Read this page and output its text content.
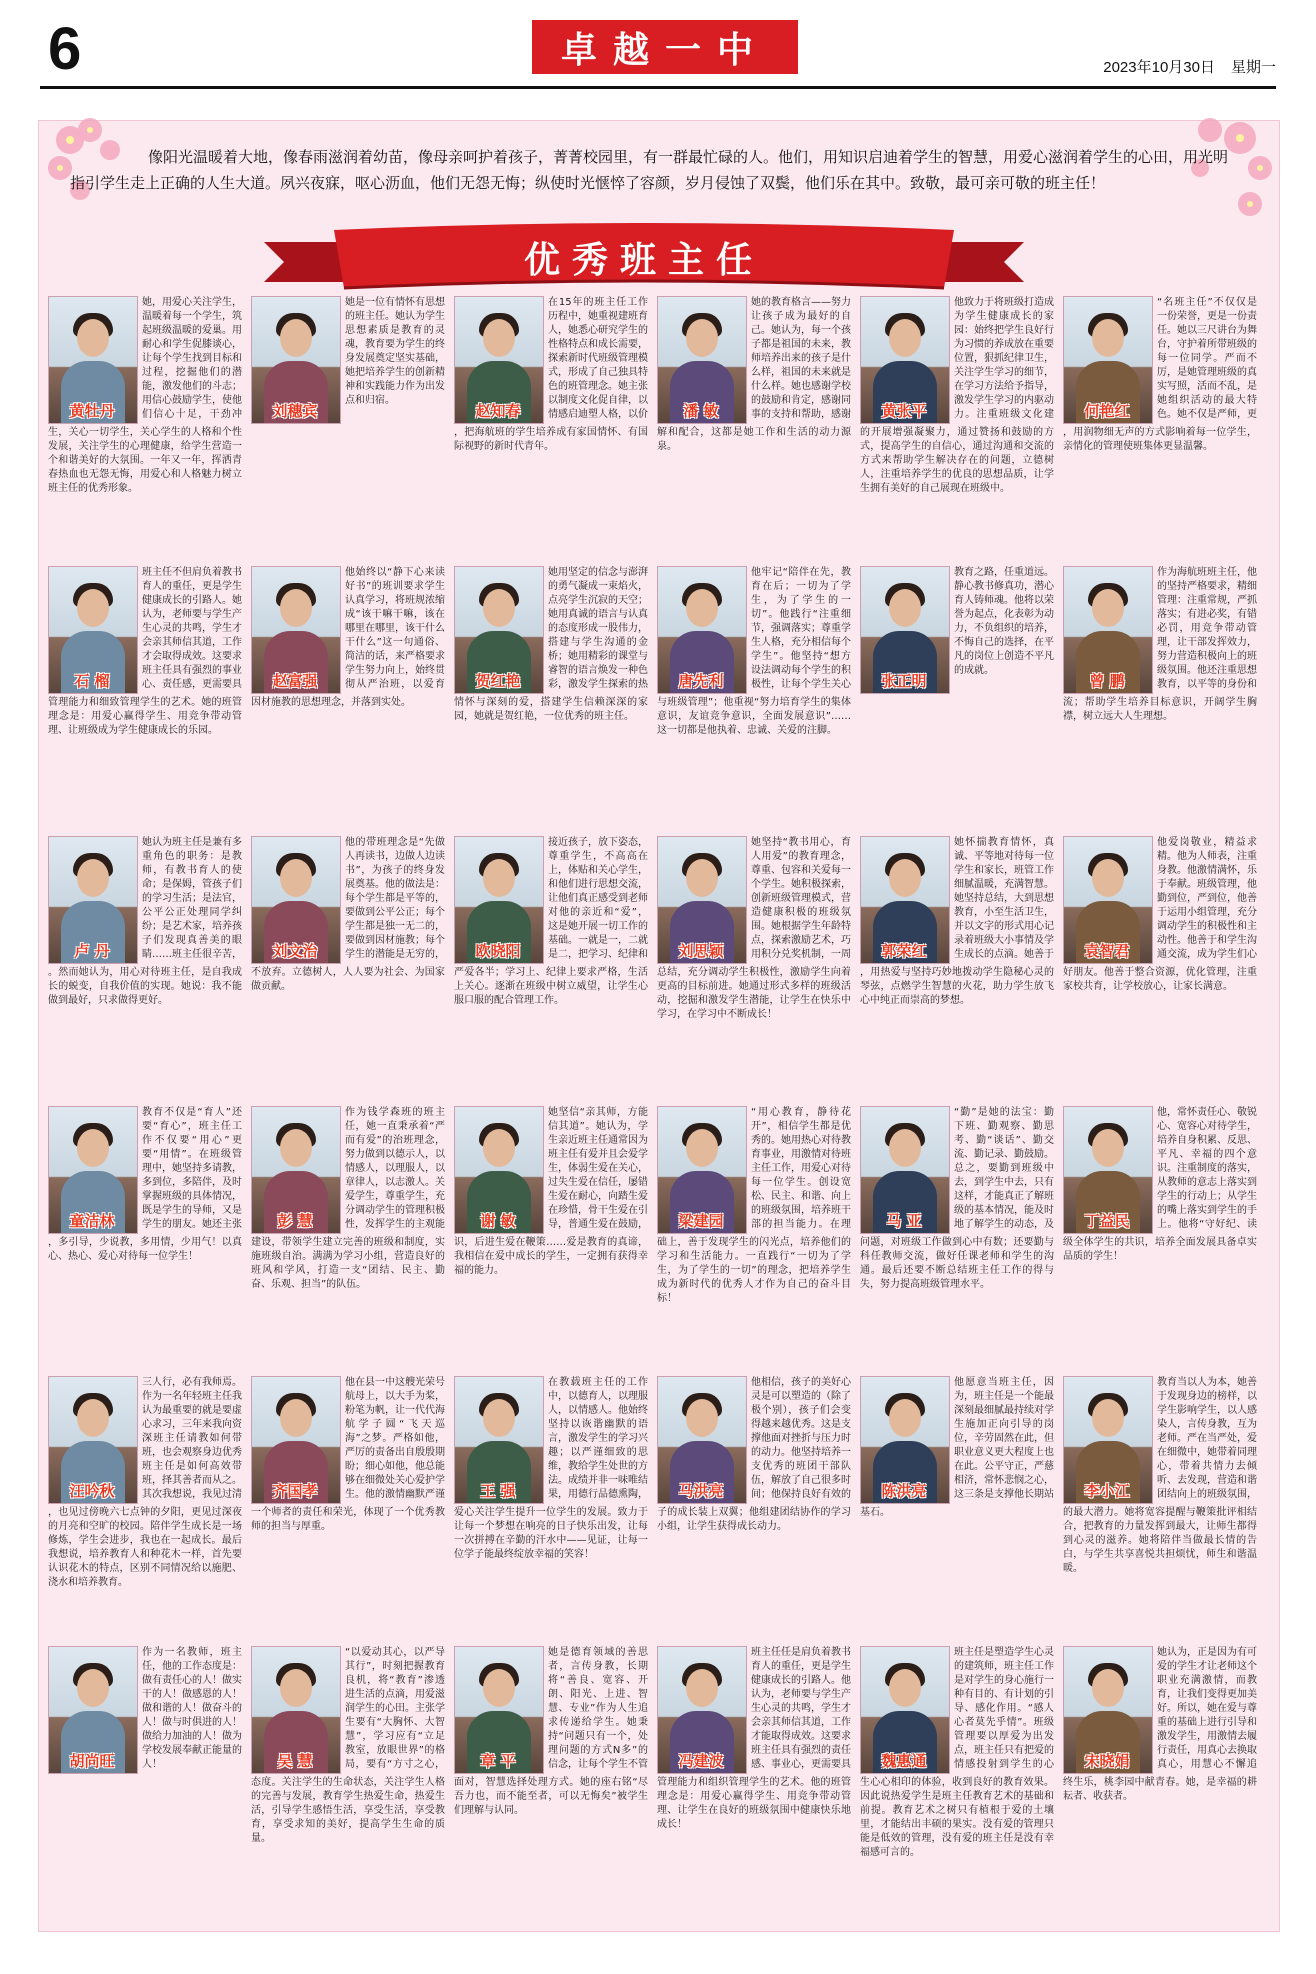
6	卓越一中	2023年10月30日 星期一
像阳光温暖着大地，像春雨滋润着幼苗，像母亲呵护着孩子，菁菁校园里，有一群最忙碌的人。他们，用知识启迪着学生的智慧，用爱心滋润着学生的心田，用光明指引学生走上正确的人生大道。夙兴夜寐，呕心沥血，他们无怨无悔；纵使时光惬悴了容颜，岁月侵蚀了双鬓，他们乐在其中。致敬，最可亲可敬的班主任！
优秀班主任
黄牡丹
她，用爱心关注学生，温暖着每一个学生，筑起班级温暖的爱巢。用耐心和学生促膝谈心，让每个学生找到目标和过程，挖掘他们的潜能，激发他们的斗志；用信心鼓励学生，使他们信心十足，干劲冲
生，关心一切学生，关心学生的人格和个性发展，关注学生的心理健康，给学生营造一个和谐美好的大氛围。一年又一年，挥洒青春热血也无怨无悔，用爱心和人格魅力树立班主任的优秀形象。
刘穗宾
她是一位有情怀有思想的班主任。她认为学生思想素质是教育的灵魂，教育要为学生的终身发展奠定坚实基础，她把培养学生的创新精神和实践能力作为出发点和归宿。
赵知春
在15年的班主任工作历程中，她重视建班育人，她悉心研究学生的性格特点和成长需要，探索新时代班级管理模式，形成了自己独具特色的班管理念。她主张以制度文化促自律，以情感启迪塑人格，以价
，把海航班的学生培养成有家国情怀、有国际视野的新时代青年。
潘 敏
她的教育格言——努力让孩子成为最好的自己。她认为，每一个孩子都是祖国的未来，教师培养出来的孩子是什么样，祖国的未来就是什么样。她也感谢学校的鼓励和肯定，感谢同事的支持和帮助，感谢
解和配合，这都是她工作和生活的动力源泉。
黄张平
他致力于将班级打造成为学生健康成长的家园：始终把学生良好行为习惯的养成放在重要位置，狠抓纪律卫生，关注学生学习的细节，在学习方法给予指导，激发学生学习的内驱动力。注重班级文化建
的开展增强凝聚力，通过赞扬和鼓励的方式，提高学生的自信心，通过沟通和交流的方式来帮助学生解决存在的问题，立德树人，注重培养学生的优良的思想品质，让学生拥有美好的自己展现在班级中。
何艳红
“名班主任”不仅仅是一份荣誉，更是一份责任。她以三尺讲台为舞台，守护着所带班级的每一位同学。严而不厉，是她管理班级的真实写照，活而不乱，是她组织活动的最大特色。她不仅是严师，更
，用润物细无声的方式影响着每一位学生，亲情化的管理使班集体更显温馨。
石 榴
班主任不但肩负着教书育人的重任，更是学生健康成长的引路人。她认为，老师要与学生产生心灵的共鸣，学生才会亲其师信其道，工作才会取得成效。这要求班主任具有强烈的事业心、责任感，更需要具
管理能力和细致管理学生的艺术。她的班管理念是：用爱心赢得学生、用竞争带动管理、让班级成为学生健康成长的乐园。
赵富强
他始终以“静下心来读好书”的班训要求学生认真学习，将班规浓缩成“该干嘛干嘛，该在哪里在哪里，该干什么干什么”这一句通俗、简洁的话，来严格要求学生努力向上，始终贯彻从严治班，以爱育
因材施教的思想理念，并落到实处。
贺红艳
她用坚定的信念与澎湃的勇气凝成一束焰火，点亮学生沉寂的天空；她用真诚的语言与认真的态度形成一股伟力，搭建与学生沟通的金桥；她用精彩的课堂与睿智的语言焕发一种色彩，激发学生探索的热
情怀与深刻的爱，搭建学生信赖深深的家园，她就是贺红艳，一位优秀的班主任。
唐先利
他牢记“陪伴在先，教育在后；一切为了学生，为了学生的一切”。他践行“注重细节，强调落实；尊重学生人格，充分相信每个学生”。他坚持“想方设法调动每个学生的积极性，让每个学生关心
与班级管理”；他重视“努力培育学生的集体意识，友谊竞争意识，全面发展意识”……这一切都是他执着、忠诚、关爱的注脚。
张正明
教育之路，任重道远。静心教书修真功，潜心育人铸师魂。他将以荣誉为起点，化表彰为动力，不负组织的培养，不悔自己的选择，在平凡的岗位上创造不平凡的成就。
曾 鹏
作为海航班班主任，他的坚持严格要求，精细管理：注重常规，严抓落实；有进必奖，有错必罚，用竞争带动管理，让干部发挥效力，努力营造积极向上的班级氛围。他还注重思想教育，以平等的身份和
流；帮助学生培养目标意识，开阔学生胸襟，树立远大人生理想。
卢 丹
她认为班主任是兼有多重角色的职务：是教师，有教书育人的使命；是保姆，管孩子们的学习生活；是法官，公平公正处理同学纠纷；是艺术家，培养孩子们发现真善美的眼睛……班主任很辛苦，
。然而她认为，用心对待班主任，是自我成长的蜕变，自我价值的实现。她说：我不能做到最好，只求做得更好。
刘文治
他的带班理念是“先做人再读书，边做人边读书”，为孩子的终身发展奠基。他的做法是：每个学生都是平等的，要做到公平公正；每个学生都是独一无二的，要做到因材施教；每个学生的潜能是无穷的，
不放弃。立德树人，人人要为社会、为国家做贡献。
欧晓阳
接近孩子，放下姿态，尊重学生，不高高在上，体贴和关心学生，和他们进行思想交流，让他们真正感受到老师对他的亲近和“爱”，这是她开展一切工作的基础。一就是一，二就是二，把学习、纪律和
严爱各半；学习上、纪律上要求严格，生活上关心。逐渐在班级中树立威望，让学生心服口服的配合管理工作。
刘思颖
她坚持“教书用心，育人用爱”的教育理念，尊重、包容和关爱每一个学生。她积极探索，创新班级管理模式，营造健康积极的班级氛围。她根据学生年龄特点，探索激励艺术，巧用积分兑奖机制，一周
总结，充分调动学生积极性，激励学生向着更高的目标前进。她通过形式多样的班级活动，挖掘和激发学生潜能，让学生在快乐中学习，在学习中不断成长！
郭荣红
她怀揣教育情怀，真诚、平等地对待每一位学生和家长，班管工作细腻温暖，充满智慧。她坚持总结，大到思想教育，小至生活卫生，并以文字的形式用心记录着班级大小事情及学生成长的点滴。她善于
，用热爱与坚持巧妙地拨动学生隐秘心灵的琴弦，点燃学生智慧的火花，助力学生放飞心中纯正而崇高的梦想。
袁智君
他爱岗敬业，精益求精。他为人师表，注重身教。他激情满怀，乐于奉献。班级管理，他勤到位，严到位，他善于运用小组管理，充分调动学生的积极性和主动性。他善于和学生沟通交流，成为学生们心
好朋友。他善于整合资源，优化管理，注重家校共育，让学校放心，让家长满意。
童洁林
教育不仅是“育人”还要“育心”，班主任工作不仅要“用心”更要“用情”。在班级管理中，她坚持多请教，多到位，多陪伴，及时掌握班级的具体情况，既是学生的导师，又是学生的朋友。她还主张
，多引导，少说教，多用情，少用气！以真心、热心、爱心对待每一位学生！
彭 慧
作为钱学森班的班主任，她一直秉承着“严而有爱”的治班理念，努力做到以德示人，以情感人，以理服人，以章律人，以志激人。关爱学生，尊重学生，充分调动学生的管理积极性，发挥学生的主观能
建设，带领学生建立完善的班级和制度，实施班级自治。满满为学习小组，营造良好的班风和学风，打造一支“团结、民主、勤奋、乐观、担当”的队伍。
谢 敏
她坚信“亲其师，方能信其道”。她认为，学生亲近班主任通常因为班主任有爱并且会爱学生，体弱生爱在关心，过失生爱在信任，屡错生爱在耐心，向踏生爱在珍惜，骨干生爱在引导，普通生爱在鼓励，
识，后进生爱在鞭策……爱是教育的真谛，我相信在爱中成长的学生，一定拥有获得幸福的能力。
梁建园
“用心教育，静待花开”，相信学生都是优秀的。她用热心对待教育事业，用激情对待班主任工作，用爱心对待每一位学生。创设宽松、民主、和谐、向上的班级氛围，培养班干部的担当能力。在理
础上，善于发现学生的闪光点，培养他们的学习和生活能力。一直践行“一切为了学生，为了学生的一切”的理念，把培养学生成为新时代的优秀人才作为自己的奋斗目标！
马 亚
“勤”是她的法宝：勤下班、勤观察、勤思考、勤“谈话”、勤交流、勤记录、勤鼓励。总之，要勤到班级中去，到学生中去，只有这样，才能真正了解班级的基本情况，能及时地了解学生的动态，及
问题，对班级工作做到心中有数；还要勤与科任教师交流，做好任课老师和学生的沟通。最后还要不断总结班主任工作的得与失，努力提高班级管理水平。
丁益民
他，常怀责任心、敬锐心、宽容心对待学生，培养自身积累、反思、平凡、幸福的四个意识。注重制度的落实，从教师的意志上落实到学生的行动上；从学生的嘴上落实到学生的手上。他将“守好纪、读
级全体学生的共识，培养全面发展具备卓实品质的学生！
汪吟秋
三人行，必有我师焉。作为一名年轻班主任我认为最重要的就是要虚心求习，三年来我向资深班主任请教如何带班，也会观察身边优秀班主任是如何高效带班，择其善者而从之。其次我想说，我见过清
，也见过傍晚六七点钟的夕阳，更见过深夜的月亮和空旷的校园。陪伴学生成长是一场修炼，学生会进步，我也在一起成长。最后我想说，培养教育人和种花木一样，首先要认识花木的特点，区别不同情况给以施肥、浇水和培养教育。
齐国孝
他在县一中这艘光荣号航母上，以大手为桨，粉笔为帆，让一代代海航学子圆“飞天巡海”之梦。严格如他，严厉的责备出自殷殷期盼；细心如他，他总能够在细微处关心爱护学生。他的激情幽默严谨
一个师者的责任和荣光，体现了一个优秀教师的担当与厚重。
王 强
在教载班主任的工作中，以德育人，以理服人，以情感人。他始终坚持以诙谐幽默的语言，激发学生的学习兴趣；以严谨细致的思维，教给学生处世的方法。成绩并非一味唯结果，用德行品德熏陶，
爱心关注学生提升一位学生的发展。致力于让每一个梦想在响亮的日子快乐出发，让每一次拼搏在辛勤的汗水中——见证，让每一位学子能最终绽放幸福的笑容！
马洪亮
他相信，孩子的美好心灵是可以塑造的（除了极个别），孩子们会变得越来越优秀。这是支撑他面对挫折与压力时的动力。他坚持培养一支优秀的班团干部队伍，解放了自己很多时间；他保持良好有效的
子的成长装上双翼；他组建团结协作的学习小组，让学生获得成长动力。
陈洪亮
他愿意当班主任，因为，班主任是一个能最深刻最细腻最持续对学生施加正向引导的岗位，辛劳固然在此，但职业意义更大程度上也在此。公平守正，严慈相济，常怀悲悯之心，这三条是支撑他长期站
基石。
李小江
教育当以人为本，她善于发现身边的榜样，以学生影响学生，以人感染人，言传身教，互为老师。严在当严处，爱在细微中，她带着同理心，带着共情力去倾听、去发现，营造和谐团结向上的班级氛围，
的最大潜力。她将宽容提醒与鞭策批评相结合，把教育的力量发挥到最大，让师生都得到心灵的滋养。她将陪伴当做最长情的告白，与学生共享喜悦共担烦忧，师生和谐温暖。
胡尚旺
作为一名教师，班主任，他的工作态度是：做有责任心的人！做实干的人！做感恩的人！做和谐的人！做奋斗的人！做与时俱进的人！做给力加油的人！做为学校发展奉献正能量的人！	吴 慧
“以爱动其心，以严导其行”，时刻把握教育良机，将“教育”渗透进生活的点滴，用爱滋润学生的心田。主张学生要有“大胸怀、大智慧”，学习应有“立足教室，放眼世界”的格局，要有“方寸之心，
态度。关注学生的生命状态，关注学生人格的完善与发展，教育学生热爱生命，热爱生活，引导学生感悟生活，享受生活，享受教育，享受求知的美好，提高学生生命的质量。
章 平
她是德育领域的善思者，言传身教，长期将“善良、宽容、开朗、阳光、上进、智慧、专业”作为人生追求传递给学生。她秉持“问题只有一个，处理问题的方式N多”的信念，让每个学生不管
面对，智慧选择处理方式。她的座右铭“尽吾力也，而不能至者，可以无悔矣”被学生们理解与认同。
冯建波
班主任任是肩负着教书育人的重任，更是学生健康成长的引路人。他认为，老师要与学生产生心灵的共鸣，学生才会亲其师信其道，工作才能取得成效。这要求班主任具有强烈的责任感、事业心，更需要具
管理能力和组织管理学生的艺术。他的班管理念是：用爱心赢得学生、用竞争带动管理、让学生在良好的班级氛围中健康快乐地成长！
魏惠通
班主任是塑造学生心灵的建筑师，班主任工作是对学生的身心施行一种有目的、有计划的引导、感化作用。“感人心者莫先乎情”。班级管理要以厚爱为出发点，班主任只有把爱的情感投射到学生的心
生心心相印的体验，收到良好的教育效果。因此说热爱学生是班主任教育艺术的基础和前提。教育艺术之树只有植根于爱的土壤里，才能结出丰硕的果实。没有爱的管理只能是低效的管理，没有爱的班主任是没有幸福感可言的。
宋晓娟
她认为，正是因为有可爱的学生才让老师这个职业充满激情，而教育，让我们变得更加美好。所以，她在爱与尊重的基础上进行引导和激发学生，用激情去履行责任，用真心去换取真心，用慧心不懈追
终生乐，桃李园中献青春。她，是幸福的耕耘者、收获者。
